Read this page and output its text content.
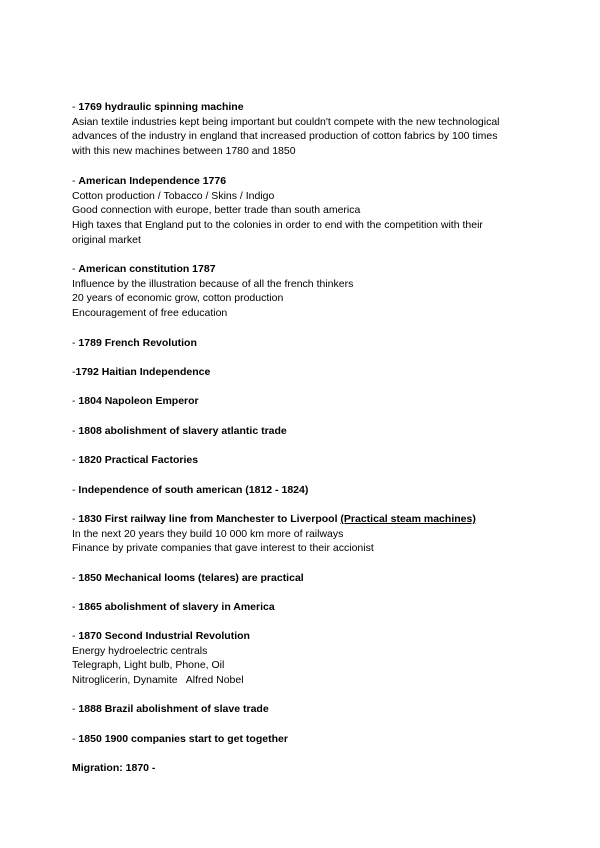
- 1769 hydraulic spinning machine
Asian textile industries kept being important but couldn't compete with the new technological
advances of the industry in england that increased production of cotton fabrics by 100 times
with this new machines between 1780 and 1850
- American Independence 1776
Cotton production / Tobacco / Skins / Indigo
Good connection with europe, better trade than south america
High taxes that England put to the colonies in order to end with the competition with their
original market
- American constitution 1787
Influence by the illustration because of all the french thinkers
20 years of economic grow, cotton production
Encouragement of free education
- 1789 French Revolution
-1792 Haitian Independence
- 1804 Napoleon Emperor
- 1808 abolishment of slavery atlantic trade
- 1820 Practical Factories
- Independence of south american (1812 - 1824)
- 1830 First railway line from Manchester to Liverpool (Practical steam machines)
In the next 20 years they build 10 000 km more of railways
Finance by private companies that gave interest to their accionist
- 1850 Mechanical looms (telares) are practical
- 1865 abolishment of slavery in America
- 1870 Second Industrial Revolution
Energy hydroelectric centrals
Telegraph, Light bulb, Phone, Oil
Nitroglicerin, Dynamite   Alfred Nobel
- 1888 Brazil abolishment of slave trade
- 1850 1900 companies start to get together
Migration: 1870 -
